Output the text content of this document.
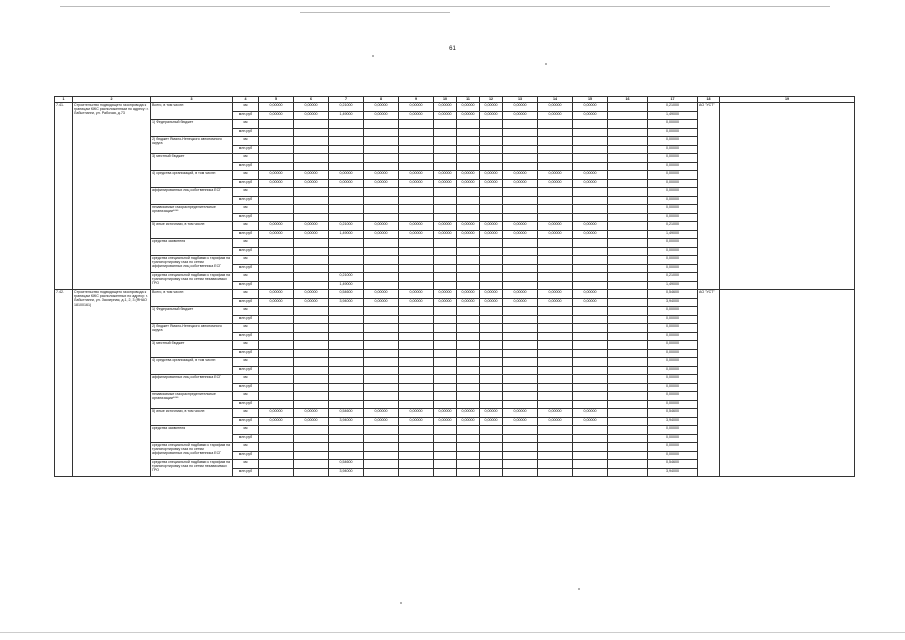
61
1	2	3	4	5	6	7	8	9	10	11	12	13	14	15	16	17	18	19	
7.41.	Строительство подводящего газопровода к границам КЖС расположенным по адресу: г. Лабытнанги, ул. Рабочая, д.73	Всего, в том числе:	км	0,00000	0,00000	0,21000	0,00000	0,00000	0,00000	0,00000	0,00000	0,00000	0,00000	0,00000		0,21000	АО "УСТ"		
			млн.руб	0,00000	0,00000	1,49000	0,00000	0,00000	0,00000	0,00000	0,00000	0,00000	0,00000	0,00000		1,49000			
		1) Федеральный бюджет	км													0,00000			
			млн.руб													0,00000			
		2) бюджет Ямало-Ненецкого автономного округа	км													0,00000			
			млн.руб													0,00000			
		3) местный бюджет	км													0,00000			
			млн.руб													0,00000			
		4) средства организаций, в том числе:	км	0,00000	0,00000	0,00000	0,00000	0,00000	0,00000	0,00000	0,00000	0,00000	0,00000	0,00000		0,00000			
			млн.руб	0,00000	0,00000	0,00000	0,00000	0,00000	0,00000	0,00000	0,00000	0,00000	0,00000	0,00000		0,00000			
		аффилированных лиц собственника ЕСГ	км													0,00000			
			млн.руб													0,00000			
		независимые газораспределительные организации****	км													0,00000			
			млн.руб													0,00000			
		5) иные источники, в том числе:	км	0,00000	0,00000	0,21000	0,00000	0,00000	0,00000	0,00000	0,00000	0,00000	0,00000	0,00000		0,21000			
			млн.руб	0,00000	0,00000	1,49000	0,00000	0,00000	0,00000	0,00000	0,00000	0,00000	0,00000	0,00000		1,49000			
		средства заявителя	км													0,00000			
			млн.руб													0,00000			
		средства специальной надбавки к тарифам на транспортировку газа по сетям аффилированных лиц собственника ЕСГ	км													0,00000			
			млн.руб													0,00000			
		средства специальной надбавки к тарифам на транспортировку газа по сетям независимых ГРО	км			0,21000										0,21000			
			млн.руб			1,49000										1,49000			
7.42.	Строительство подводящего газопровода к границам КЖС расположенных по адресу: г. Лабытнанги, ул. Заозерная, д.1, 2, 3 (ЯНАО 18100161)	Всего, в том числе:	км	0,00000	0,00000	0,54600	0,00000	0,00000	0,00000	0,00000	0,00000	0,00000	0,00000	0,00000		0,54600	АО "УСТ"		
			млн.руб	0,00000	0,00000	3,94000	0,00000	0,00000	0,00000	0,00000	0,00000	0,00000	0,00000	0,00000		3,94000			
		1) Федеральный бюджет	км													0,00000			
			млн.руб													0,00000			
		2) бюджет Ямало-Ненецкого автономного округа	км													0,00000			
			млн.руб													0,00000			
		3) местный бюджет	км													0,00000			
			млн.руб													0,00000			
		4) средства организаций, в том числе:	км													0,00000			
			млн.руб													0,00000			
		аффилированных лиц собственника ЕСГ	км													0,00000			
			млн.руб													0,00000			
		независимые газораспределительные организации****	км													0,00000			
			млн.руб													0,00000			
		5) иные источники, в том числе:	км	0,00000	0,00000	0,54600	0,00000	0,00000	0,00000	0,00000	0,00000	0,00000	0,00000	0,00000		0,54600			
			млн.руб	0,00000	0,00000	3,94000	0,00000	0,00000	0,00000	0,00000	0,00000	0,00000	0,00000	0,00000		3,94000			
		средства заявителя	км													0,00000			
			млн.руб													0,00000			
		средства специальной надбавки к тарифам на транспортировку газа по сетям аффилированных лиц собственника ЕСГ	км													0,00000			
			млн.руб													0,00000			
		средства специальной надбавки к тарифам на транспортировку газа по сетям независимых ГРО	км			0,54600										0,54600			
			млн.руб			3,94000										3,94000			
